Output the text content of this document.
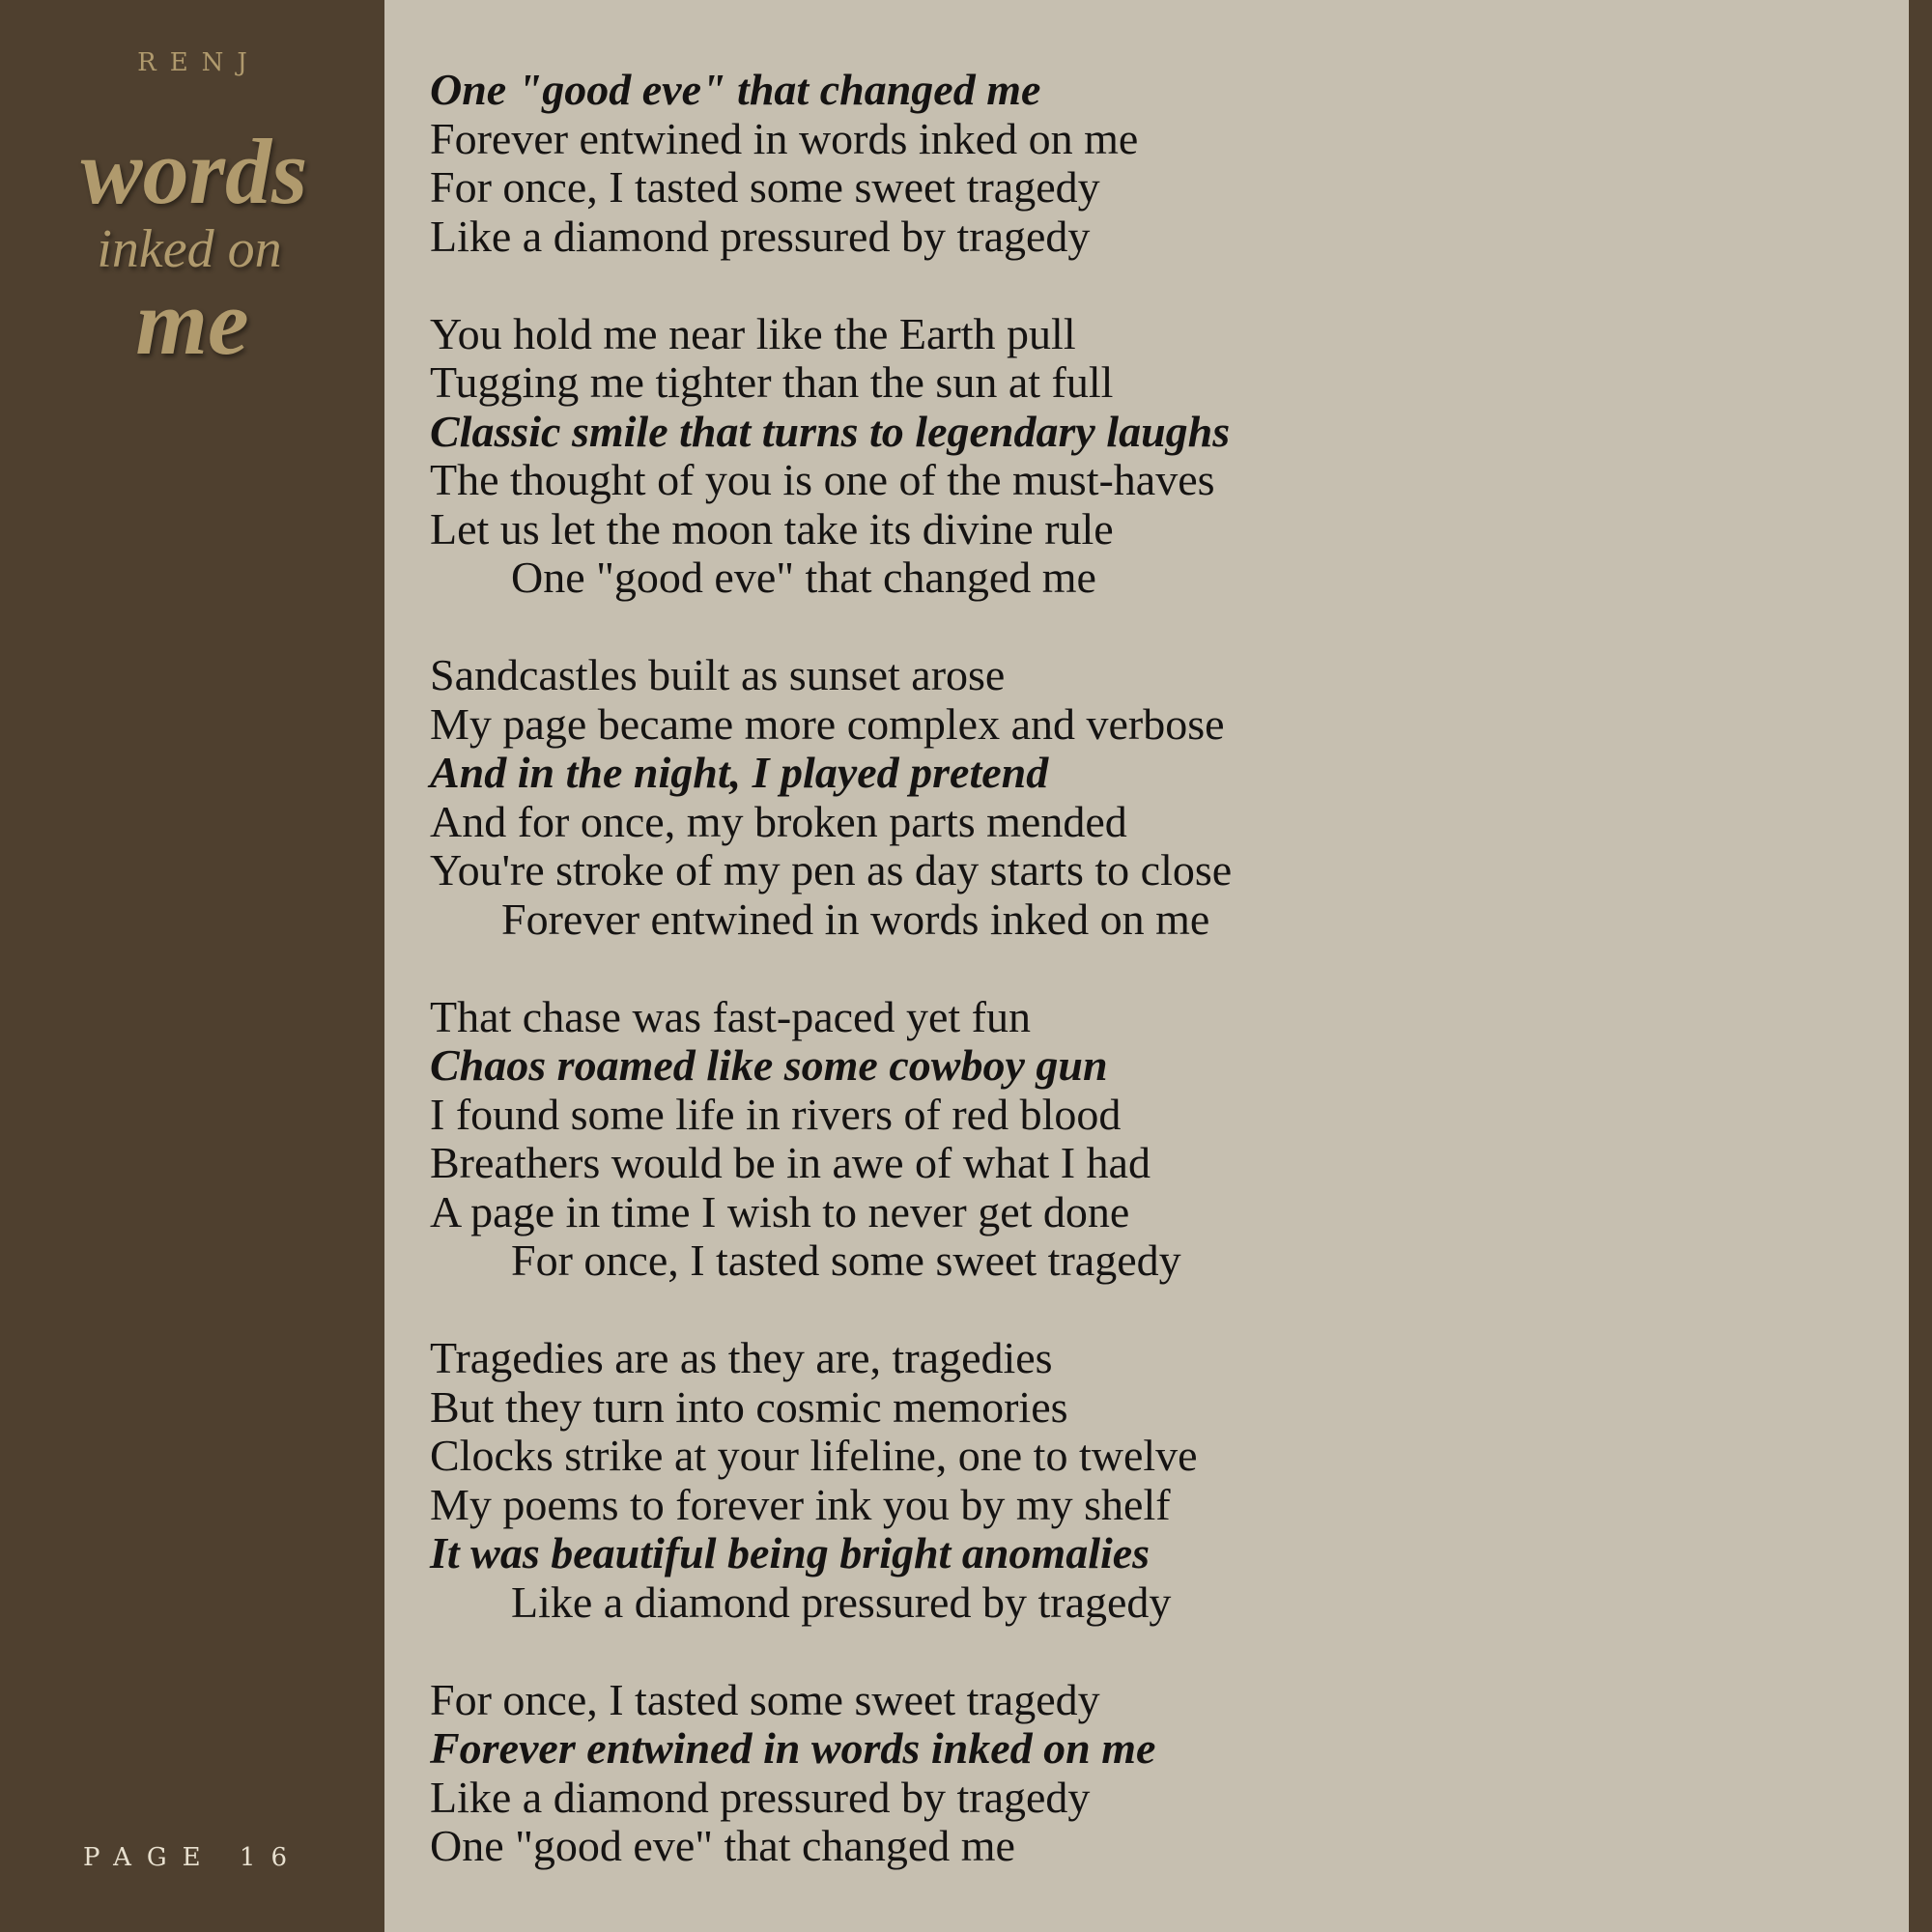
RENJ
words
inked on
me
PAGE 16
One "good eve" that changed me
Forever entwined in words inked on me
For once, I tasted some sweet tragedy
Like a diamond pressured by tragedy
You hold me near like the Earth pull
Tugging me tighter than the sun at full
Classic smile that turns to legendary laughs
The thought of you is one of the must-haves
Let us let the moon take its divine rule
One "good eve" that changed me
Sandcastles built as sunset arose
My page became more complex and verbose
And in the night, I played pretend
And for once, my broken parts mended
You're stroke of my pen as day starts to close
Forever entwined in words inked on me
That chase was fast-paced yet fun
Chaos roamed like some cowboy gun
I found some life in rivers of red blood
Breathers would be in awe of what I had
A page in time I wish to never get done
For once, I tasted some sweet tragedy
Tragedies are as they are, tragedies
But they turn into cosmic memories
Clocks strike at your lifeline, one to twelve
My poems to forever ink you by my shelf
It was beautiful being bright anomalies
Like a diamond pressured by tragedy
For once, I tasted some sweet tragedy
Forever entwined in words inked on me
Like a diamond pressured by tragedy
One "good eve" that changed me
